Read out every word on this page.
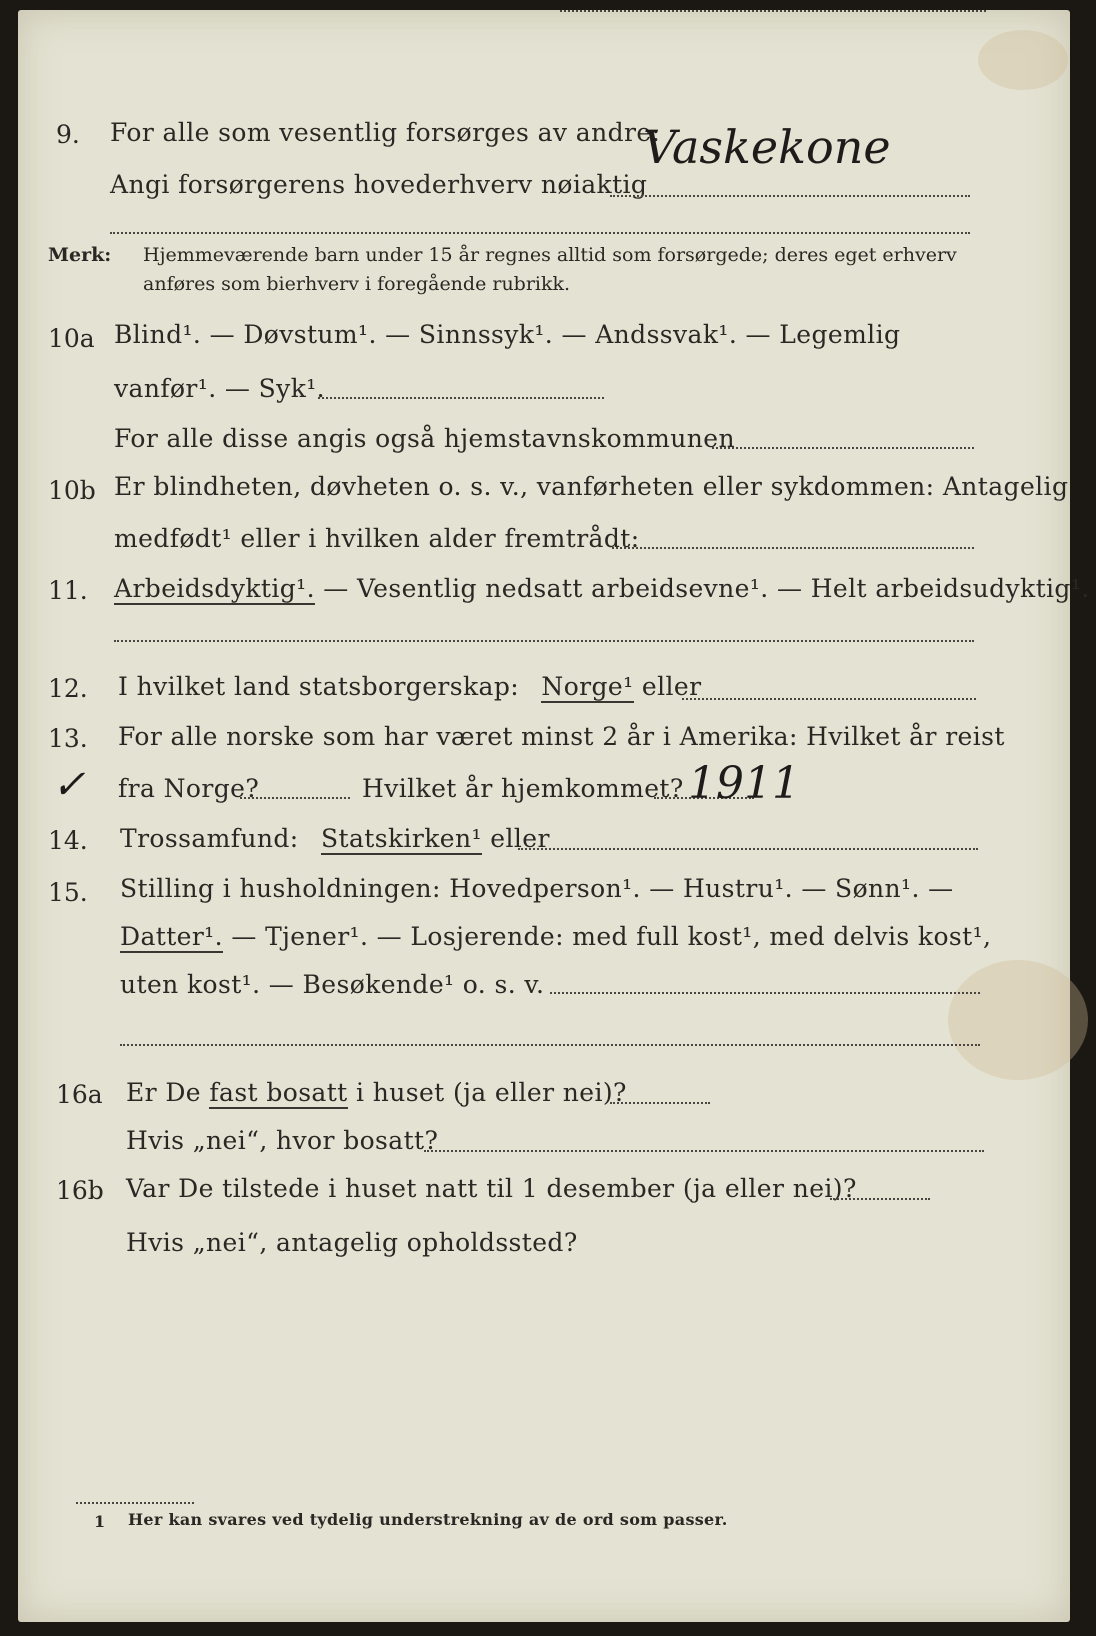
9. For alle som vesentlig forsørges av andre:
Vaskekone
Angi forsørgerens hovederhverv nøiaktig
Merk: Hjemmeværende barn under 15 år regnes alltid som forsørgede; deres eget erhverv
anføres som bierhverv i foregående rubrikk.
10a Blind¹. — Døvstum¹. — Sinnssyk¹. — Andssvak¹. — Legemlig
vanfør¹. — Syk¹.
For alle disse angis også hjemstavnskommunen
10b Er blindheten, døvheten o. s. v., vanførheten eller sykdommen: Antagelig
medfødt¹ eller i hvilken alder fremtrådt:
11. Arbeidsdyktig¹. — Vesentlig nedsatt arbeidsevne¹. — Helt arbeidsudyktig¹.
12. I hvilket land statsborgerskap: Norge¹ eller
13. For alle norske som har været minst 2 år i Amerika: Hvilket år reist
✓ fra Norge?	Hvilket år hjemkommet? 1911
14. Trossamfund: Statskirken¹ eller
15. Stilling i husholdningen: Hovedperson¹. — Hustru¹. — Sønn¹. —
Datter¹. — Tjener¹. — Losjerende: med full kost¹, med delvis kost¹,
uten kost¹. — Besøkende¹ o. s. v.
16a Er De fast bosatt i huset (ja eller nei)?
Hvis „nei“, hvor bosatt?
16b Var De tilstede i huset natt til 1 desember (ja eller nei)?
Hvis „nei“, antagelig opholdssted?
1 Her kan svares ved tydelig understrekning av de ord som passer.
